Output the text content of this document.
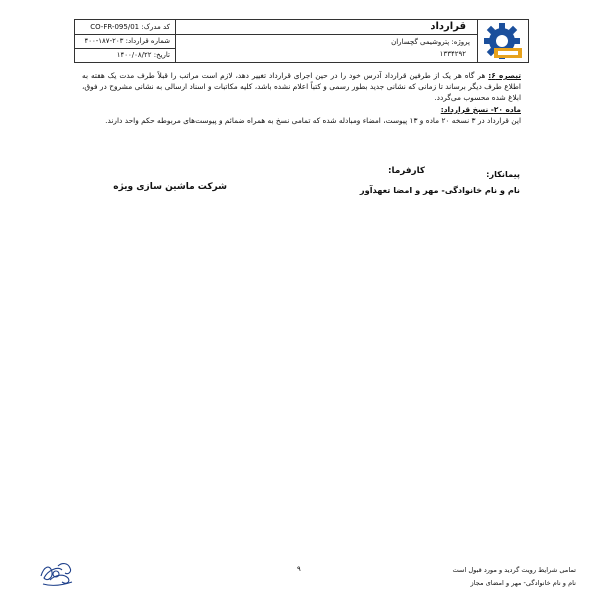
کد مدرک: CO-FR-095/01
شماره قرارداد: ۲۰۳-۱۸۷-۴۰۰
تاریخ: ۱۴۰۰/۰۸/۲۲
قرارداد
پروژه: پتروشیمی گچساران
۱۳۳۴۲۹۲

تبصره ۶: هر گاه هر یک از طرفین قرارداد آدرس خود را در حین اجرای قرارداد تغییر دهد، لازم است مراتب را قبلاً طرف مدت یک هفته به اطلاع طرف دیگر برساند تا زمانی که نشانی جدید بطور رسمی و کتباً اعلام نشده باشد، کلیه مکاتبات و اسناد ارسالی به نشانی مشروح در فوق، ابلاغ شده محسوب می‌گردد.

ماده ۲۰- نسخ قرارداد:

این قرارداد در ۳ نسخه ۲۰ ماده و ۱۳ پیوست، امضاء ومبادله شده که تمامی نسخ به همراه ضمائم و پیوست‌های مربوطه حکم واحد دارند.

کارفرما:
شرکت ماشین سازی ویژه
پیمانکار:
نام و نام خانوادگی- مهر و امضا تعهدآور
تمامی شرایط رویت گردید و مورد قبول است
نام و نام خانوادگی- مهر و امضای مجاز
۹
